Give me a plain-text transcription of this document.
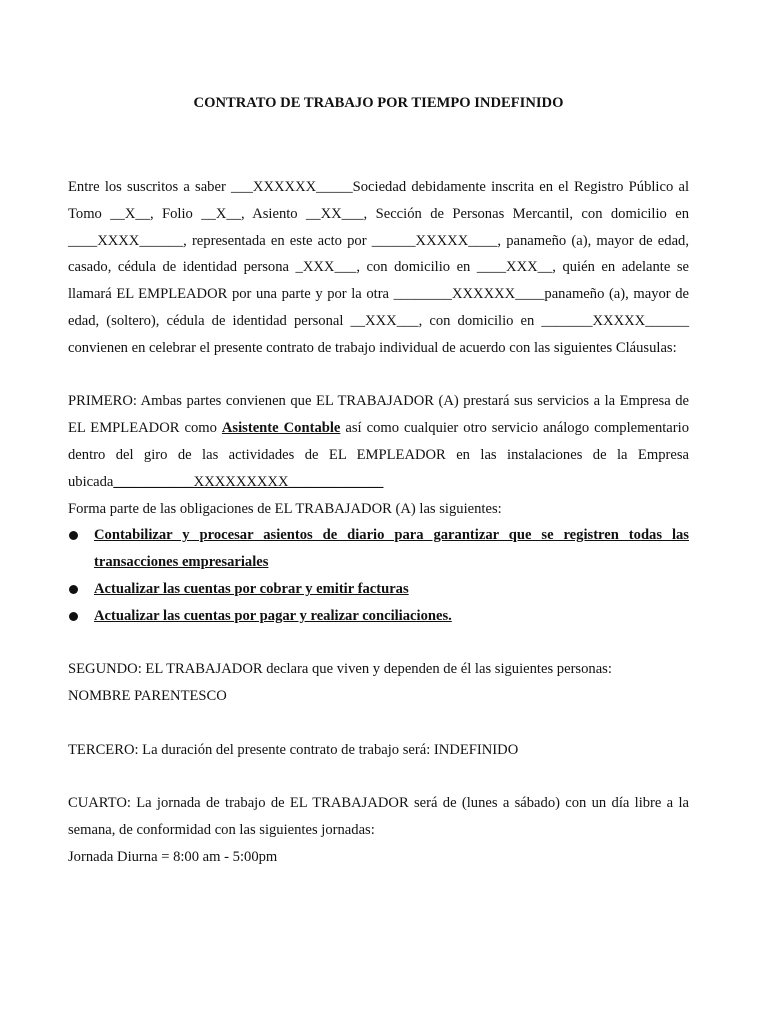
CONTRATO DE TRABAJO POR TIEMPO INDEFINIDO

Entre los suscritos a saber ___XXXXXX_____Sociedad debidamente inscrita en el Registro Público al Tomo __X__, Folio __X__, Asiento __XX___, Sección de Personas Mercantil, con domicilio en ____XXXX______, representada en este acto por ______XXXXX____, panameño (a), mayor de edad, casado, cédula de identidad persona _XXX___, con domicilio en ____XXX__, quién en adelante se llamará EL EMPLEADOR por una parte y por la otra ________XXXXXX____panameño (a), mayor de edad, (soltero), cédula de identidad personal __XXX___, con domicilio en _______XXXXX______ convienen en celebrar el presente contrato de trabajo individual de acuerdo con las siguientes Cláusulas:

PRIMERO: Ambas partes convienen que EL TRABAJADOR (A) prestará sus servicios a la Empresa de EL EMPLEADOR como Asistente Contable así como cualquier otro servicio análogo complementario dentro del giro de las actividades de EL EMPLEADOR en las instalaciones de la Empresa ubicada___________XXXXXXXXX_____________

Forma parte de las obligaciones de EL TRABAJADOR (A) las siguientes:

Contabilizar y procesar asientos de diario para garantizar que se registren todas las transacciones empresariales
Actualizar las cuentas por cobrar y emitir facturas
Actualizar las cuentas por pagar y realizar conciliaciones.

SEGUNDO: EL TRABAJADOR declara que viven y dependen de él las siguientes personas:

NOMBRE PARENTESCO

TERCERO: La duración del presente contrato de trabajo será: INDEFINIDO

CUARTO: La jornada de trabajo de EL TRABAJADOR será de (lunes a sábado) con un día libre a la semana, de conformidad con las siguientes jornadas:

Jornada Diurna = 8:00 am - 5:00pm
